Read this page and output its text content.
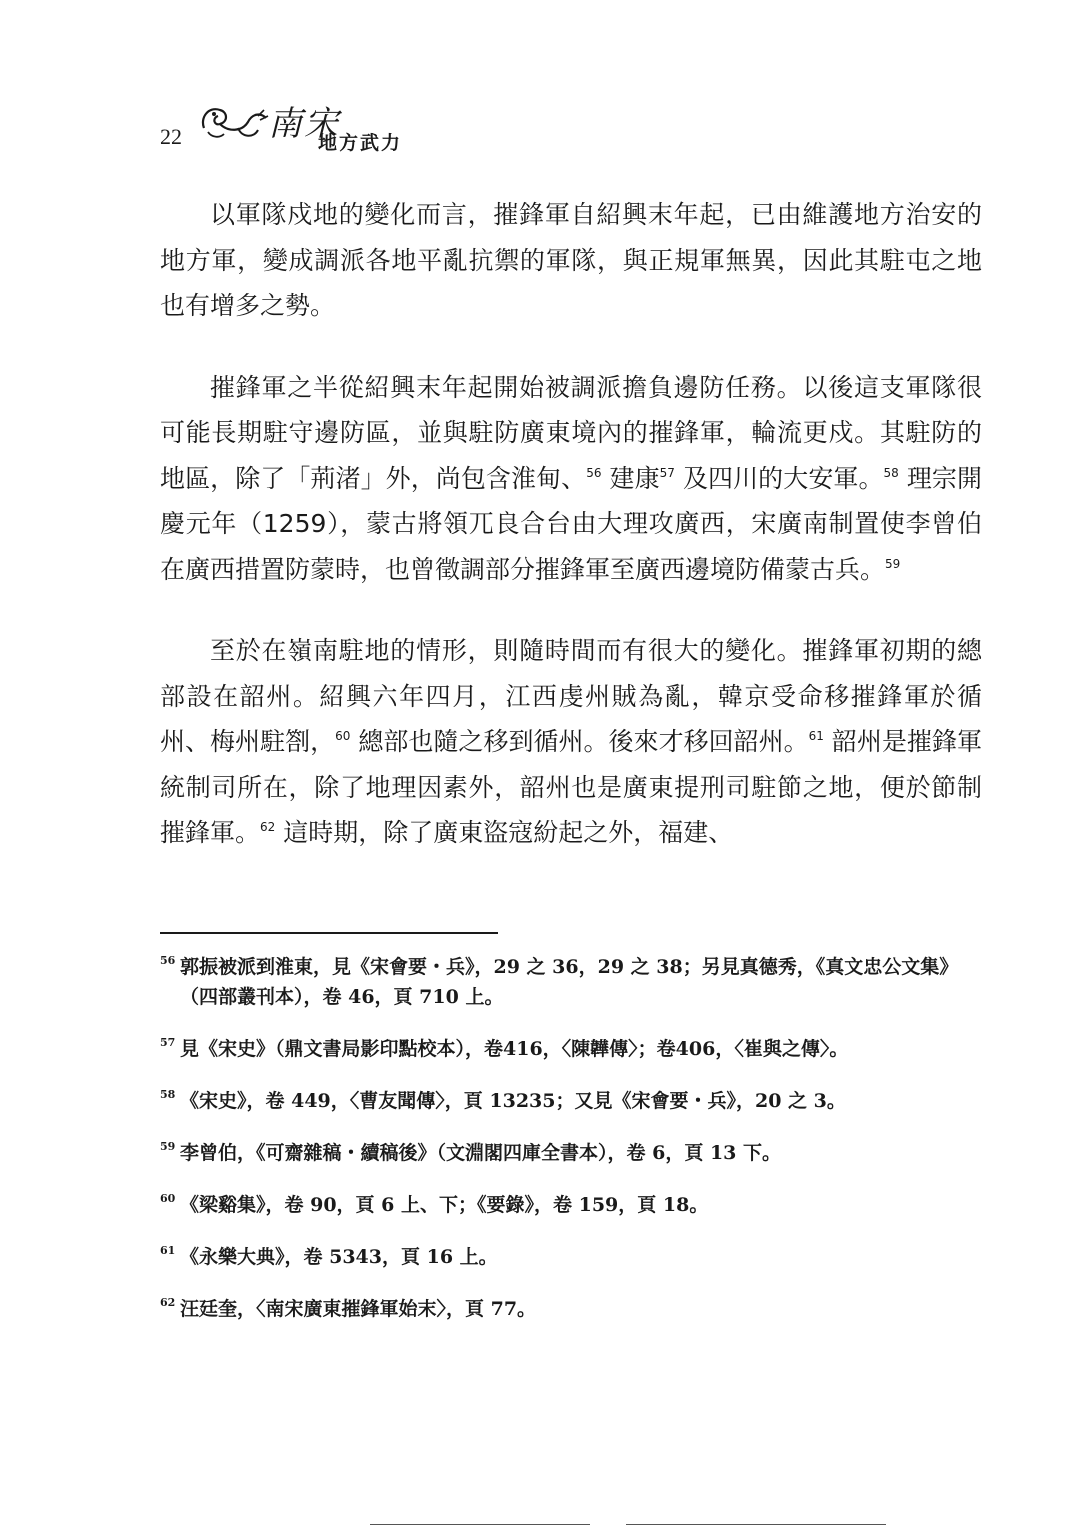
22	南宋
地方武力

以軍隊戍地的變化而言，摧鋒軍自紹興末年起，已由維護地方治安的地方軍，變成調派各地平亂抗禦的軍隊，與正規軍無異，因此其駐屯之地也有增多之勢。

摧鋒軍之半從紹興末年起開始被調派擔負邊防任務。以後這支軍隊很可能長期駐守邊防區，並與駐防廣東境內的摧鋒軍，輪流更戍。其駐防的地區，除了「荊渚」外，尚包含淮甸、$^{56}$ 建康$^{57}$ 及四川的大安軍。$^{58}$ 理宗開慶元年（1259），蒙古將領兀良合台由大理攻廣西，宋廣南制置使李曾伯在廣西措置防蒙時，也曾徵調部分摧鋒軍至廣西邊境防備蒙古兵。$^{59}$

至於在嶺南駐地的情形，則隨時間而有很大的變化。摧鋒軍初期的總部設在韶州。紹興六年四月，江西虔州賊為亂，韓京受命移摧鋒軍於循州、梅州駐劄，$^{60}$ 總部也隨之移到循州。後來才移回韶州。$^{61}$ 韶州是摧鋒軍統制司所在，除了地理因素外，韶州也是廣東提刑司駐節之地，便於節制摧鋒軍。$^{62}$ 這時期，除了廣東盜寇紛起之外，福建、

56 郭振被派到淮東，見《宋會要・兵》，29 之 36，29 之 38；另見真德秀，《真文忠公文集》（四部叢刊本），卷 46，頁 710 上。
57 見《宋史》（鼎文書局影印點校本），卷416，〈陳韡傳〉；卷406，〈崔與之傳〉。
58 《宋史》，卷 449，〈曹友聞傳〉，頁 13235；又見《宋會要・兵》，20 之 3。
59 李曾伯，《可齋雜稿・續稿後》（文淵閣四庫全書本），卷 6，頁 13 下。
60 《梁谿集》，卷 90，頁 6 上、下；《要錄》，卷 159，頁 18。
61 《永樂大典》，卷 5343，頁 16 上。
62 汪廷奎，〈南宋廣東摧鋒軍始末〉，頁 77。
